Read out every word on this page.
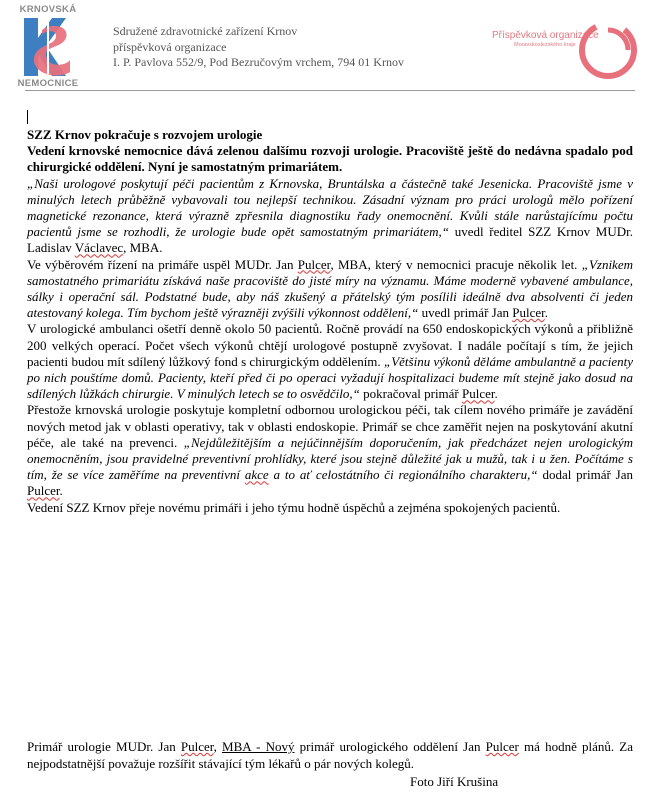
KRNOVSKÁ
NEMOCNICE
Sdružené zdravotnické zařízení Krnov
příspěvková organizace
I. P. Pavlova 552/9, Pod Bezručovým vrchem, 794 01 Krnov
Příspěvková organizace
Moravskoslezského kraje

SZZ Krnov pokračuje s rozvojem urologie

Vedení krnovské nemocnice dává zelenou dalšímu rozvoji urologie. Pracoviště ještě do nedávna spadalo pod chirurgické oddělení. Nyní je samostatným primariátem.

„Naši urologové poskytují péči pacientům z Krnovska, Bruntálska a částečně také Jesenicka. Pracoviště jsme v minulých letech průběžně vybavovali tou nejlepší technikou. Zásadní význam pro práci urologů mělo pořízení magnetické rezonance, která výrazně zpřesnila diagnostiku řady onemocnění. Kvůli stále narůstajícímu počtu pacientů jsme se rozhodli, že urologie bude opět samostatným primariátem,“ uvedl ředitel SZZ Krnov MUDr. Ladislav Václavec, MBA.

Ve výběrovém řízení na primáře uspěl MUDr. Jan Pulcer, MBA, který v nemocnici pracuje několik let. „Vznikem samostatného primariátu získává naše pracoviště do jisté míry na významu. Máme moderně vybavené ambulance, sálky i operační sál. Podstatné bude, aby náš zkušený a přátelský tým posílili ideálně dva absolventi či jeden atestovaný kolega. Tím bychom ještě výrazněji zvýšili výkonnost oddělení,“ uvedl primář Jan Pulcer.

V urologické ambulanci ošetří denně okolo 50 pacientů. Ročně provádí na 650 endoskopických výkonů a přibližně 200 velkých operací. Počet všech výkonů chtějí urologové postupně zvyšovat. I nadále počítají s tím, že jejich pacienti budou mít sdílený lůžkový fond s chirurgickým oddělením. „Většinu výkonů děláme ambulantně a pacienty po nich pouštíme domů. Pacienty, kteří před či po operaci vyžadují hospitalizaci budeme mít stejně jako dosud na sdílených lůžkách chirurgie. V minulých letech se to osvědčilo,“ pokračoval primář Pulcer.

Přestože krnovská urologie poskytuje kompletní odbornou urologickou péči, tak cílem nového primáře je zavádění nových metod jak v oblasti operativy, tak v oblasti endoskopie. Primář se chce zaměřit nejen na poskytování akutní péče, ale také na prevenci. „Nejdůležitějším a nejúčinnějším doporučením, jak předcházet nejen urologickým onemocněním, jsou pravidelné preventivní prohlídky, které jsou stejně důležité jak u mužů, tak i u žen. Počítáme s tím, že se více zaměříme na preventivní akce a to ať celostátního či regionálního charakteru,“ dodal primář Jan Pulcer.

Vedení SZZ Krnov přeje novému primáři i jeho týmu hodně úspěchů a zejména spokojených pacientů.

Primář urologie MUDr. Jan Pulcer, MBA - Nový primář urologického oddělení Jan Pulcer má hodně plánů. Za nejpodstatnější považuje rozšířit stávající tým lékařů o pár nových kolegů.

Foto Jiří Krušina
